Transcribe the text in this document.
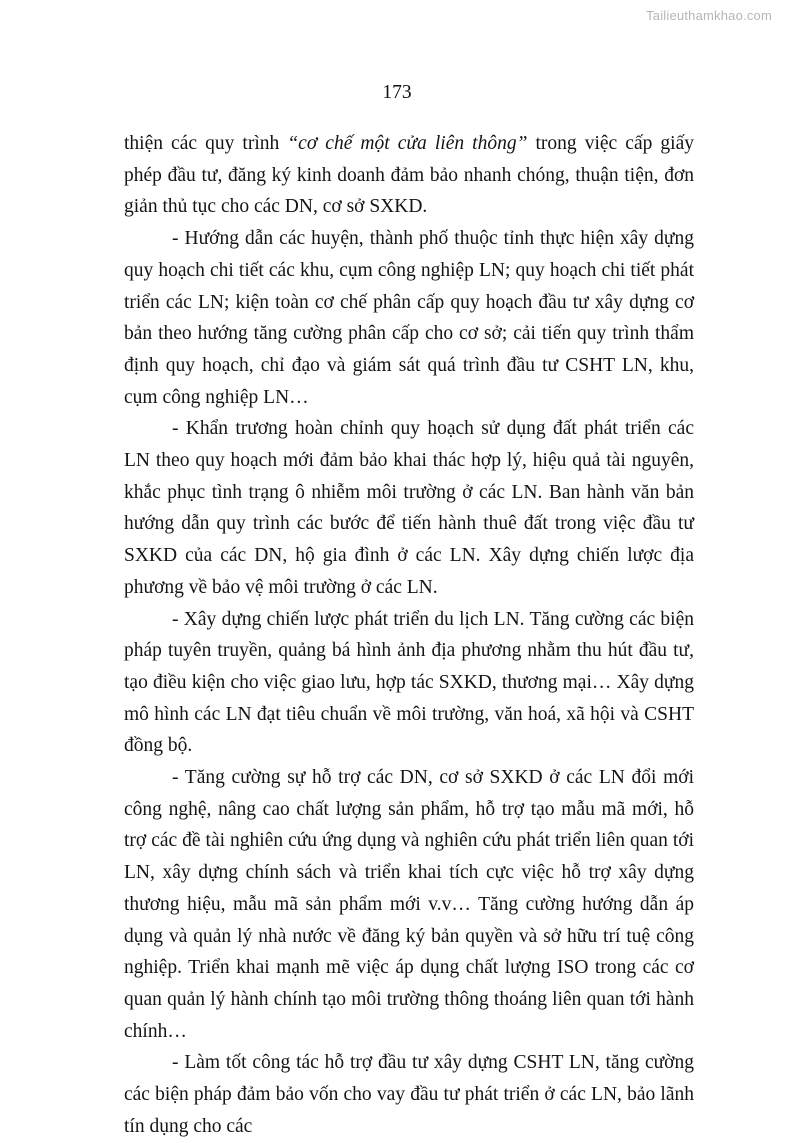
Tailieuthamkhao.com
173

thiện các quy trình “cơ chế một cửa liên thông” trong việc cấp giấy phép đầu tư, đăng ký kinh doanh đảm bảo nhanh chóng, thuận tiện, đơn giản thủ tục cho các DN, cơ sở SXKD.

- Hướng dẫn các huyện, thành phố thuộc tỉnh thực hiện xây dựng quy hoạch chi tiết các khu, cụm công nghiệp LN; quy hoạch chi tiết phát triển các LN; kiện toàn cơ chế phân cấp quy hoạch đầu tư xây dựng cơ bản theo hướng tăng cường phân cấp cho cơ sở; cải tiến quy trình thẩm định quy hoạch, chỉ đạo và giám sát quá trình đầu tư CSHT LN, khu, cụm công nghiệp LN…

- Khẩn trương hoàn chỉnh quy hoạch sử dụng đất phát triển các LN theo quy hoạch mới đảm bảo khai thác hợp lý, hiệu quả tài nguyên, khắc phục tình trạng ô nhiễm môi trường ở các LN. Ban hành văn bản hướng dẫn quy trình các bước để tiến hành thuê đất trong việc đầu tư SXKD của các DN, hộ gia đình ở các LN. Xây dựng chiến lược địa phương về bảo vệ môi trường ở các LN.

- Xây dựng chiến lược phát triển du lịch LN. Tăng cường các biện pháp tuyên truyền, quảng bá hình ảnh địa phương nhằm thu hút đầu tư, tạo điều kiện cho việc giao lưu, hợp tác SXKD, thương mại… Xây dựng mô hình các LN đạt tiêu chuẩn về môi trường, văn hoá, xã hội và CSHT đồng bộ.

- Tăng cường sự hỗ trợ các DN, cơ sở SXKD ở các LN đổi mới công nghệ, nâng cao chất lượng sản phẩm, hỗ trợ tạo mẫu mã mới, hỗ trợ các đề tài nghiên cứu ứng dụng và nghiên cứu phát triển liên quan tới LN, xây dựng chính sách và triển khai tích cực việc hỗ trợ xây dựng thương hiệu, mẫu mã sản phẩm mới v.v… Tăng cường hướng dẫn áp dụng và quản lý nhà nước về đăng ký bản quyền và sở hữu trí tuệ công nghiệp. Triển khai mạnh mẽ việc áp dụng chất lượng ISO trong các cơ quan quản lý hành chính tạo môi trường thông thoáng liên quan tới hành chính…

- Làm tốt công tác hỗ trợ đầu tư xây dựng CSHT LN, tăng cường các biện pháp đảm bảo vốn cho vay đầu tư phát triển ở các LN, bảo lãnh tín dụng cho các
